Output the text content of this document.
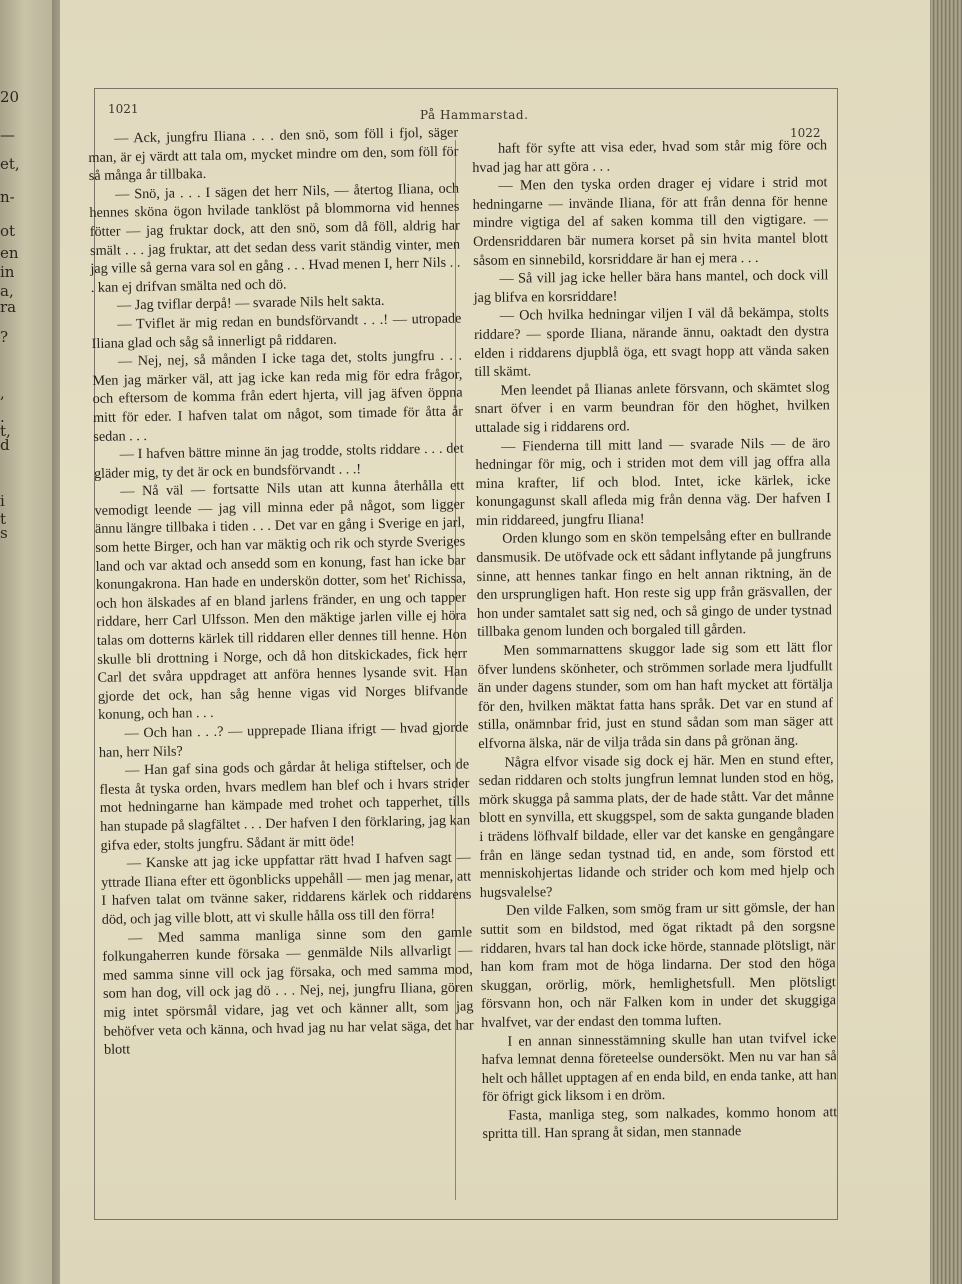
20
—
et,
n-
ot
en
in
a,
ra
?
,
.
t,
d
i
t
s
1021	På Hammarstad.
1022

— Ack, jungfru Iliana . . . den snö, som föll i fjol, säger man, är ej värdt att tala om, mycket mindre om den, som föll för så många år tillbaka.

— Snö, ja . . . I sägen det herr Nils, — återtog Iliana, och hennes sköna ögon hvilade tanklöst på blommorna vid hennes fötter — jag fruktar dock, att den snö, som då föll, aldrig har smält . . . jag fruktar, att det sedan dess varit ständig vinter, men jag ville så gerna vara sol en gång . . . Hvad menen I, herr Nils . . . kan ej drifvan smälta ned och dö.

— Jag tviflar derpå! — svarade Nils helt sakta.

— Tviflet är mig redan en bundsförvandt . . .! — utropade Iliana glad och såg så innerligt på riddaren.

— Nej, nej, så månden I icke taga det, stolts jungfru . . . Men jag märker väl, att jag icke kan reda mig för edra frågor, och eftersom de komma från edert hjerta, vill jag äfven öppna mitt för eder. I hafven talat om något, som timade för åtta år sedan . . .

— I hafven bättre minne än jag trodde, stolts riddare . . . det gläder mig, ty det är ock en bundsförvandt . . .!

— Nå väl — fortsatte Nils utan att kunna återhålla ett vemodigt leende — jag vill minna eder på något, som ligger ännu längre tillbaka i tiden . . . Det var en gång i Sverige en jarl, som hette Birger, och han var mäktig och rik och styrde Sveriges land och var aktad och ansedd som en konung, fast han icke bar konungakrona. Han hade en underskön dotter, som het' Richissa, och hon älskades af en bland jarlens fränder, en ung och tapper riddare, herr Carl Ulfsson. Men den mäktige jarlen ville ej höra talas om dotterns kärlek till riddaren eller dennes till henne. Hon skulle bli drottning i Norge, och då hon ditskickades, fick herr Carl det svåra uppdraget att anföra hennes lysande svit. Han gjorde det ock, han såg henne vigas vid Norges blifvande konung, och han . . .

— Och han . . .? — upprepade Iliana ifrigt — hvad gjorde han, herr Nils?

— Han gaf sina gods och gårdar åt heliga stiftelser, och de flesta åt tyska orden, hvars medlem han blef och i hvars strider mot hedningarne han kämpade med trohet och tapperhet, tills han stupade på slagfältet . . . Der hafven I den förklaring, jag kan gifva eder, stolts jungfru. Sådant är mitt öde!

— Kanske att jag icke uppfattar rätt hvad I hafven sagt — yttrade Iliana efter ett ögonblicks uppehåll — men jag menar, att I hafven talat om tvänne saker, riddarens kärlek och riddarens död, och jag ville blott, att vi skulle hålla oss till den förra!

— Med samma manliga sinne som den gamle folkungaherren kunde försaka — genmälde Nils allvarligt — med samma sinne vill ock jag försaka, och med samma mod, som han dog, vill ock jag dö . . . Nej, nej, jungfru Iliana, gören mig intet spörsmål vidare, jag vet och känner allt, som jag behöfver veta och känna, och hvad jag nu har velat säga, det har blott

haft för syfte att visa eder, hvad som står mig före och hvad jag har att göra . . .

— Men den tyska orden drager ej vidare i strid mot hedningarne — invände Iliana, för att från denna för henne mindre vigtiga del af saken komma till den vigtigare. — Ordensriddaren bär numera korset på sin hvita mantel blott såsom en sinnebild, korsriddare är han ej mera . . .

— Så vill jag icke heller bära hans mantel, och dock vill jag blifva en korsriddare!

— Och hvilka hedningar viljen I väl då bekämpa, stolts riddare? — sporde Iliana, närande ännu, oaktadt den dystra elden i riddarens djupblå öga, ett svagt hopp att vända saken till skämt.

Men leendet på Ilianas anlete försvann, och skämtet slog snart öfver i en varm beundran för den höghet, hvilken uttalade sig i riddarens ord.

— Fienderna till mitt land — svarade Nils — de äro hedningar för mig, och i striden mot dem vill jag offra alla mina krafter, lif och blod. Intet, icke kärlek, icke konungagunst skall afleda mig från denna väg. Der hafven I min riddareed, jungfru Iliana!

Orden klungo som en skön tempelsång efter en bullrande dansmusik. De utöfvade ock ett sådant inflytande på jungfruns sinne, att hennes tankar fingo en helt annan riktning, än de den ursprungligen haft. Hon reste sig upp från gräsvallen, der hon under samtalet satt sig ned, och så gingo de under tystnad tillbaka genom lunden och borgaled till gården.

Men sommarnattens skuggor lade sig som ett lätt flor öfver lundens skönheter, och strömmen sorlade mera ljudfullt än under dagens stunder, som om han haft mycket att förtälja för den, hvilken mäktat fatta hans språk. Det var en stund af stilla, onämnbar frid, just en stund sådan som man säger att elfvorna älska, när de vilja tråda sin dans på grönan äng.

Några elfvor visade sig dock ej här. Men en stund efter, sedan riddaren och stolts jungfrun lemnat lunden stod en hög, mörk skugga på samma plats, der de hade stått. Var det månne blott en synvilla, ett skuggspel, som de sakta gungande bladen i trädens löfhvalf bildade, eller var det kanske en gengångare från en länge sedan tystnad tid, en ande, som förstod ett menniskohjertas lidande och strider och kom med hjelp och hugsvalelse?

Den vilde Falken, som smög fram ur sitt gömsle, der han suttit som en bildstod, med ögat riktadt på den sorgsne riddaren, hvars tal han dock icke hörde, stannade plötsligt, när han kom fram mot de höga lindarna. Der stod den höga skuggan, orörlig, mörk, hemlighetsfull. Men plötsligt försvann hon, och när Falken kom in under det skuggiga hvalfvet, var der endast den tomma luften.

I en annan sinnesstämning skulle han utan tvifvel icke hafva lemnat denna företeelse oundersökt. Men nu var han så helt och hållet upptagen af en enda bild, en enda tanke, att han för öfrigt gick liksom i en dröm.

Fasta, manliga steg, som nalkades, kommo honom att spritta till. Han sprang åt sidan, men stannade
